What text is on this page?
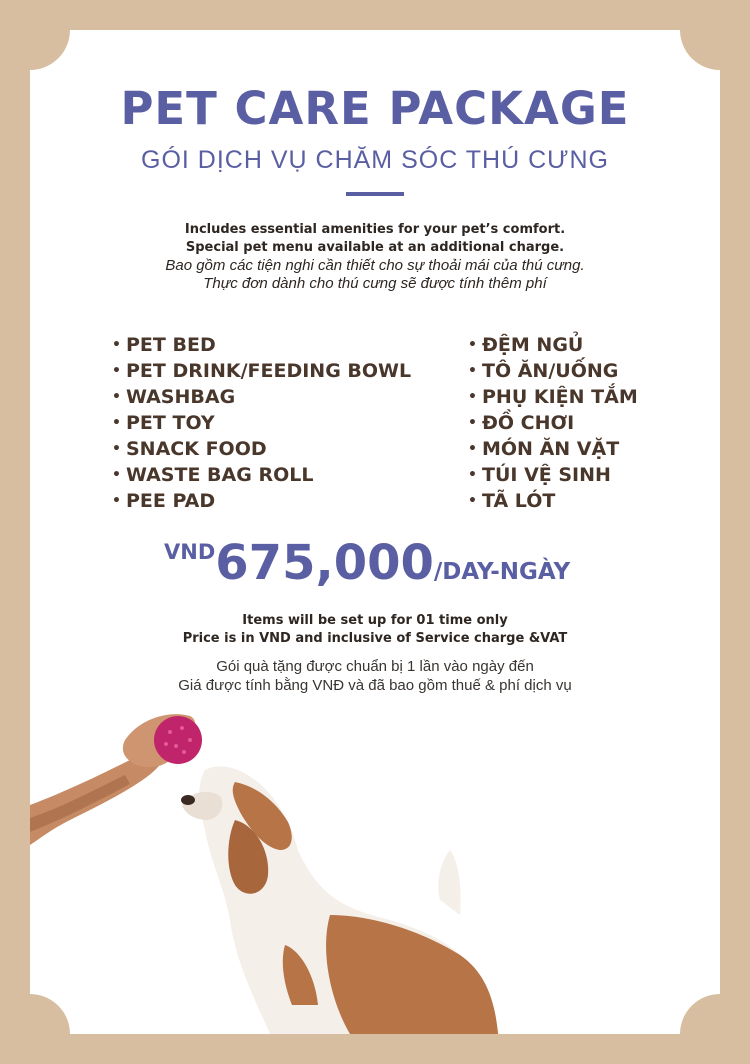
PET CARE PACKAGE
GÓI DỊCH VỤ CHĂM SÓC THÚ CƯNG
Includes essential amenities for your pet’s comfort.
Special pet menu available at an additional charge.
Bao gồm các tiện nghi cần thiết cho sự thoải mái của thú cưng.
Thực đơn dành cho thú cưng sẽ được tính thêm phí
• PET BED
• PET DRINK/FEEDING BOWL
• WASHBAG
• PET TOY
• SNACK FOOD
• WASTE BAG ROLL
• PEE PAD
• ĐỆM NGỦ
• TÔ ĂN/UỐNG
• PHỤ KIỆN TẮM
• ĐỒ CHƠI
• MÓN ĂN VẶT
• TÚI VỆ SINH
• TÃ LÓT
VND675,000/DAY-NGÀY
Items will be set up for 01 time only
Price is in VND and inclusive of Service charge &VAT
Gói quà tặng được chuẩn bị 1 lần vào ngày đến
Giá được tính bằng VNĐ và đã bao gồm thuế & phí dịch vụ
